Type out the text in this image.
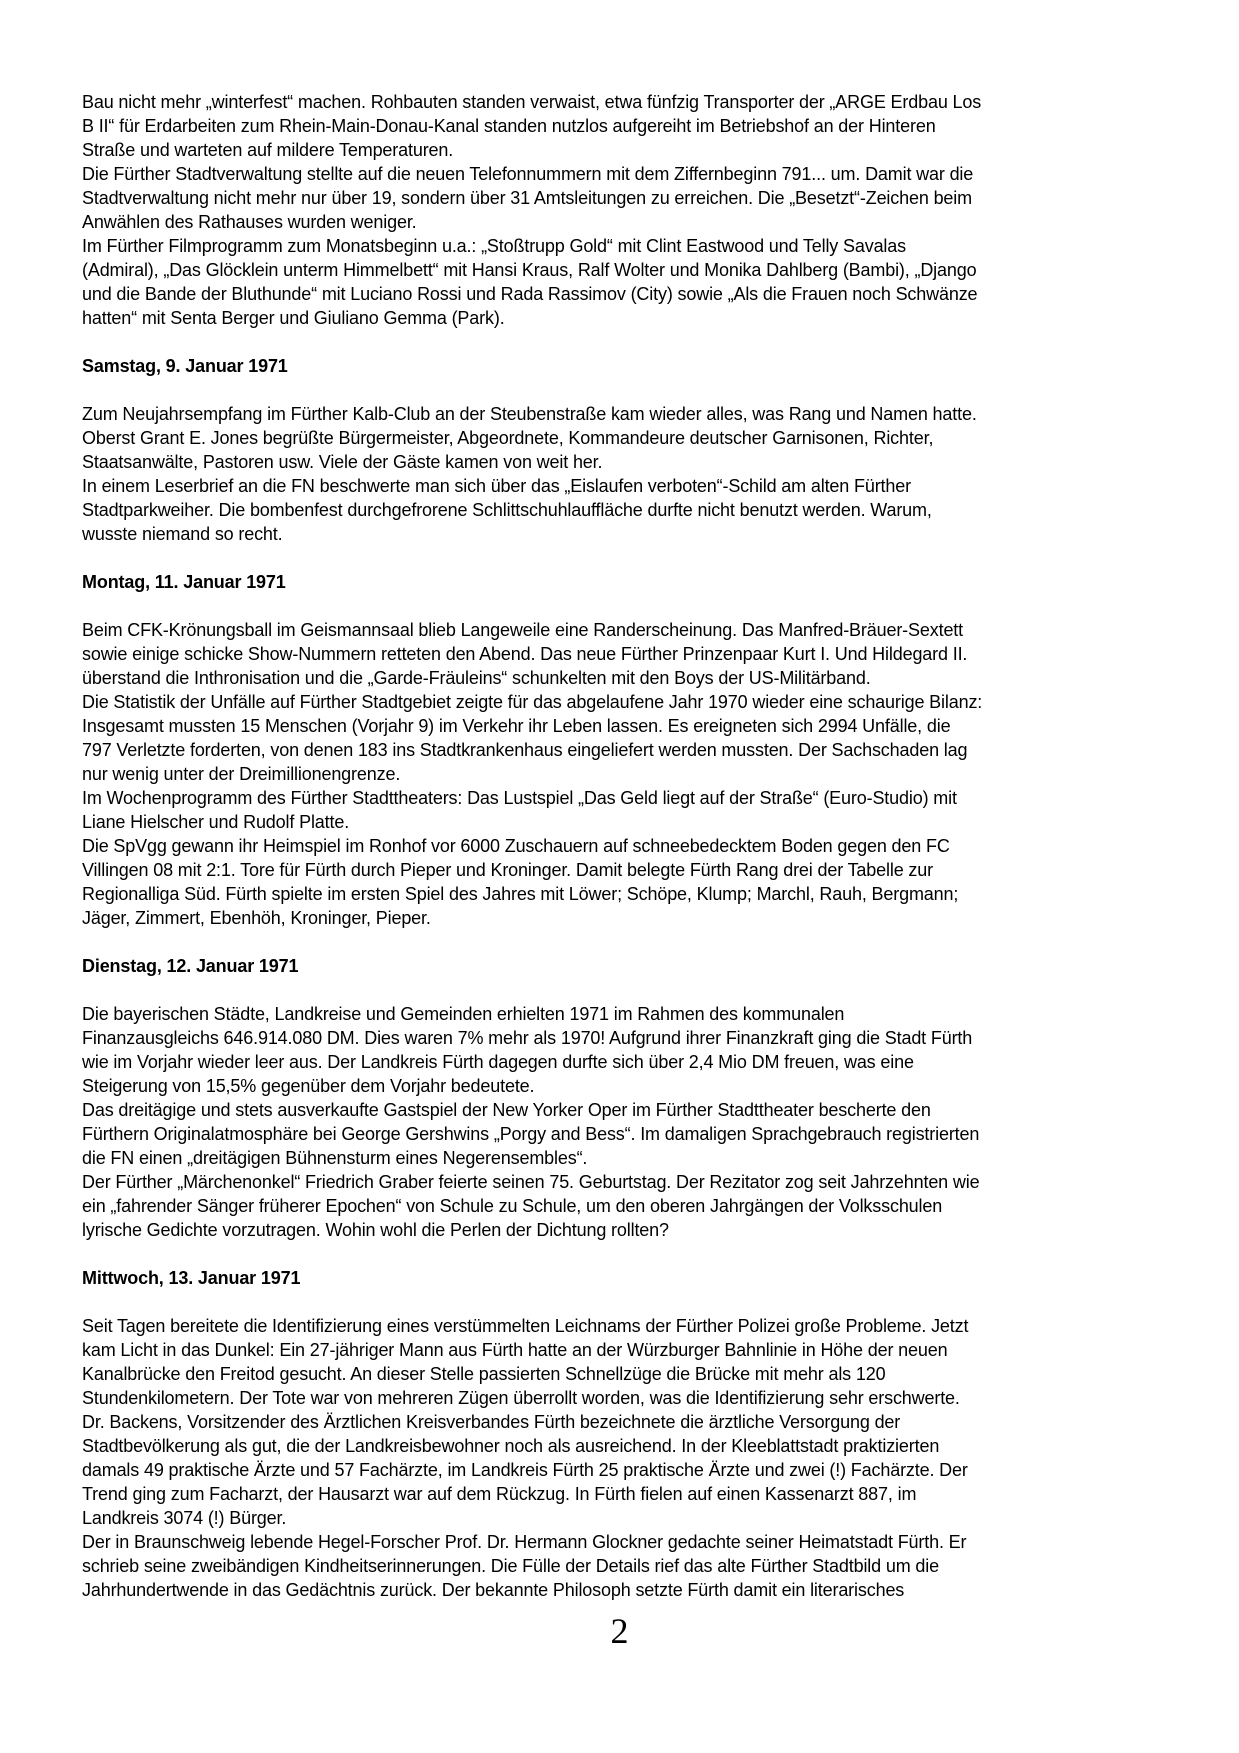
Bau nicht mehr „winterfest“ machen. Rohbauten standen verwaist, etwa fünfzig Transporter der „ARGE Erdbau Los
B II“ für Erdarbeiten zum Rhein-Main-Donau-Kanal standen nutzlos aufgereiht im Betriebshof an der Hinteren
Straße und warteten auf mildere Temperaturen.
Die Fürther Stadtverwaltung stellte auf die neuen Telefonnummern mit dem Ziffernbeginn 791... um. Damit war die
Stadtverwaltung nicht mehr nur über 19, sondern über 31 Amtsleitungen zu erreichen. Die „Besetzt“-Zeichen beim
Anwählen des Rathauses wurden weniger.
Im Fürther Filmprogramm zum Monatsbeginn u.a.: „Stoßtrupp Gold“ mit Clint Eastwood und Telly Savalas
(Admiral), „Das Glöcklein unterm Himmelbett“ mit Hansi Kraus, Ralf Wolter und Monika Dahlberg (Bambi), „Django
und die Bande der Bluthunde“ mit Luciano Rossi und Rada Rassimov (City) sowie „Als die Frauen noch Schwänze
hatten“ mit Senta Berger und Giuliano Gemma (Park).
Samstag, 9. Januar 1971
Zum Neujahrsempfang im Fürther Kalb-Club an der Steubenstraße kam wieder alles, was Rang und Namen hatte.
Oberst Grant E. Jones begrüßte Bürgermeister, Abgeordnete, Kommandeure deutscher Garnisonen, Richter,
Staatsanwälte, Pastoren usw. Viele der Gäste kamen von weit her.
In einem Leserbrief an die FN beschwerte man sich über das „Eislaufen verboten“-Schild am alten Fürther
Stadtparkweiher. Die bombenfest durchgefrorene Schlittschuhlauffläche durfte nicht benutzt werden. Warum,
wusste niemand so recht.
Montag, 11. Januar 1971
Beim CFK-Krönungsball im Geismannsaal blieb Langeweile eine Randerscheinung. Das Manfred-Bräuer-Sextett
sowie einige schicke Show-Nummern retteten den Abend. Das neue Fürther Prinzenpaar Kurt I. Und Hildegard II.
überstand die Inthronisation und die „Garde-Fräuleins“ schunkelten mit den Boys der US-Militärband.
Die Statistik der Unfälle auf Fürther Stadtgebiet zeigte für das abgelaufene Jahr 1970 wieder eine schaurige Bilanz:
Insgesamt mussten 15 Menschen (Vorjahr 9) im Verkehr ihr Leben lassen. Es ereigneten sich 2994 Unfälle, die
797 Verletzte forderten, von denen 183 ins Stadtkrankenhaus eingeliefert werden mussten. Der Sachschaden lag
nur wenig unter der Dreimillionengrenze.
Im Wochenprogramm des Fürther Stadttheaters: Das Lustspiel „Das Geld liegt auf der Straße“ (Euro-Studio) mit
Liane Hielscher und Rudolf Platte.
Die SpVgg gewann ihr Heimspiel im Ronhof vor 6000 Zuschauern auf schneebedecktem Boden gegen den FC
Villingen 08 mit 2:1. Tore für Fürth durch Pieper und Kroninger. Damit belegte Fürth Rang drei der Tabelle zur
Regionalliga Süd. Fürth spielte im ersten Spiel des Jahres mit Löwer; Schöpe, Klump; Marchl, Rauh, Bergmann;
Jäger, Zimmert, Ebenhöh, Kroninger, Pieper.
Dienstag, 12. Januar 1971
Die bayerischen Städte, Landkreise und Gemeinden erhielten 1971 im Rahmen des kommunalen
Finanzausgleichs 646.914.080 DM. Dies waren 7% mehr als 1970! Aufgrund ihrer Finanzkraft ging die Stadt Fürth
wie im Vorjahr wieder leer aus. Der Landkreis Fürth dagegen durfte sich über 2,4 Mio DM freuen, was eine
Steigerung von 15,5% gegenüber dem Vorjahr bedeutete.
Das dreitägige und stets ausverkaufte Gastspiel der New Yorker Oper im Fürther Stadttheater bescherte den
Fürthern Originalatmosphäre bei George Gershwins „Porgy and Bess“. Im damaligen Sprachgebrauch registrierten
die FN einen „dreitägigen Bühnensturm eines Negerensembles“.
Der Fürther „Märchenonkel“ Friedrich Graber feierte seinen 75. Geburtstag. Der Rezitator zog seit Jahrzehnten wie
ein „fahrender Sänger früherer Epochen“ von Schule zu Schule, um den oberen Jahrgängen der Volksschulen
lyrische Gedichte vorzutragen. Wohin wohl die Perlen der Dichtung rollten?
Mittwoch, 13. Januar 1971
Seit Tagen bereitete die Identifizierung eines verstümmelten Leichnams der Fürther Polizei große Probleme. Jetzt
kam Licht in das Dunkel: Ein 27-jähriger Mann aus Fürth hatte an der Würzburger Bahnlinie in Höhe der neuen
Kanalbrücke den Freitod gesucht. An dieser Stelle passierten Schnellzüge die Brücke mit mehr als 120
Stundenkilometern. Der Tote war von mehreren Zügen überrollt worden, was die Identifizierung sehr erschwerte.
Dr. Backens, Vorsitzender des Ärztlichen Kreisverbandes Fürth bezeichnete die ärztliche Versorgung der
Stadtbevölkerung als gut, die der Landkreisbewohner noch als ausreichend. In der Kleeblattstadt praktizierten
damals 49 praktische Ärzte und 57 Fachärzte, im Landkreis Fürth 25 praktische Ärzte und zwei (!) Fachärzte. Der
Trend ging zum Facharzt, der Hausarzt war auf dem Rückzug. In Fürth fielen auf einen Kassenarzt 887, im
Landkreis 3074 (!) Bürger.
Der in Braunschweig lebende Hegel-Forscher Prof. Dr. Hermann Glockner gedachte seiner Heimatstadt Fürth. Er
schrieb seine zweibändigen Kindheitserinnerungen. Die Fülle der Details rief das alte Fürther Stadtbild um die
Jahrhundertwende in das Gedächtnis zurück. Der bekannte Philosoph setzte Fürth damit ein literarisches
2
